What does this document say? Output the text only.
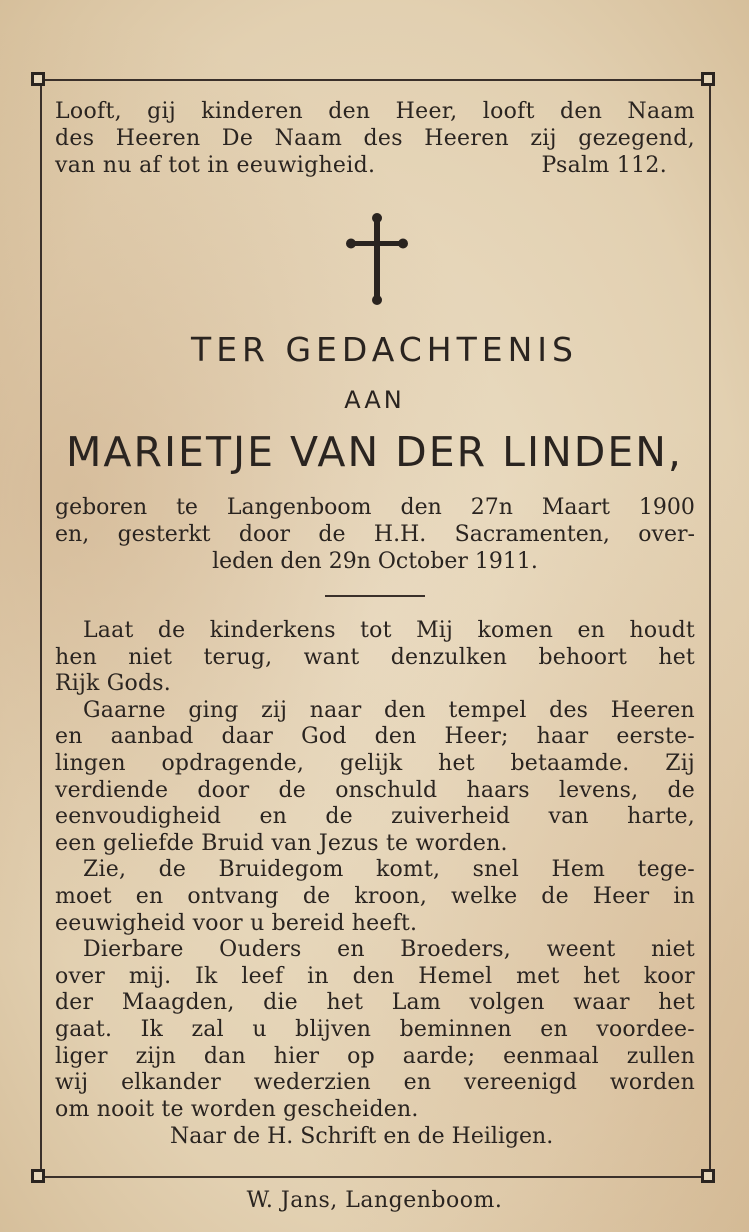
Looft, gij kinderen den Heer, looft den Naam
des Heeren De Naam des Heeren zij gezegend,
van nu af tot in eeuwigheid.	Psalm 112.
TER GEDACHTENIS
AAN
MARIETJE VAN DER LINDEN,
geboren te Langenboom den 27n Maart 1900
en, gesterkt door de H.H. Sacramenten, over-
leden den 29n October 1911.
Laat de kinderkens tot Mij komen en houdt
hen niet terug, want denzulken behoort het
Rijk Gods.
Gaarne ging zij naar den tempel des Heeren
en aanbad daar God den Heer; haar eerste-
lingen opdragende, gelijk het betaamde. Zij
verdiende door de onschuld haars levens, de
eenvoudigheid en de zuiverheid van harte,
een geliefde Bruid van Jezus te worden.
Zie, de Bruidegom komt, snel Hem tege-
moet en ontvang de kroon, welke de Heer in
eeuwigheid voor u bereid heeft.
Dierbare Ouders en Broeders, weent niet
over mij. Ik leef in den Hemel met het koor
der Maagden, die het Lam volgen waar het
gaat. Ik zal u blijven beminnen en voordee-
liger zijn dan hier op aarde; eenmaal zullen
wij elkander wederzien en vereenigd worden
om nooit te worden gescheiden.
Naar de H. Schrift en de Heiligen.
W. Jans, Langenboom.
